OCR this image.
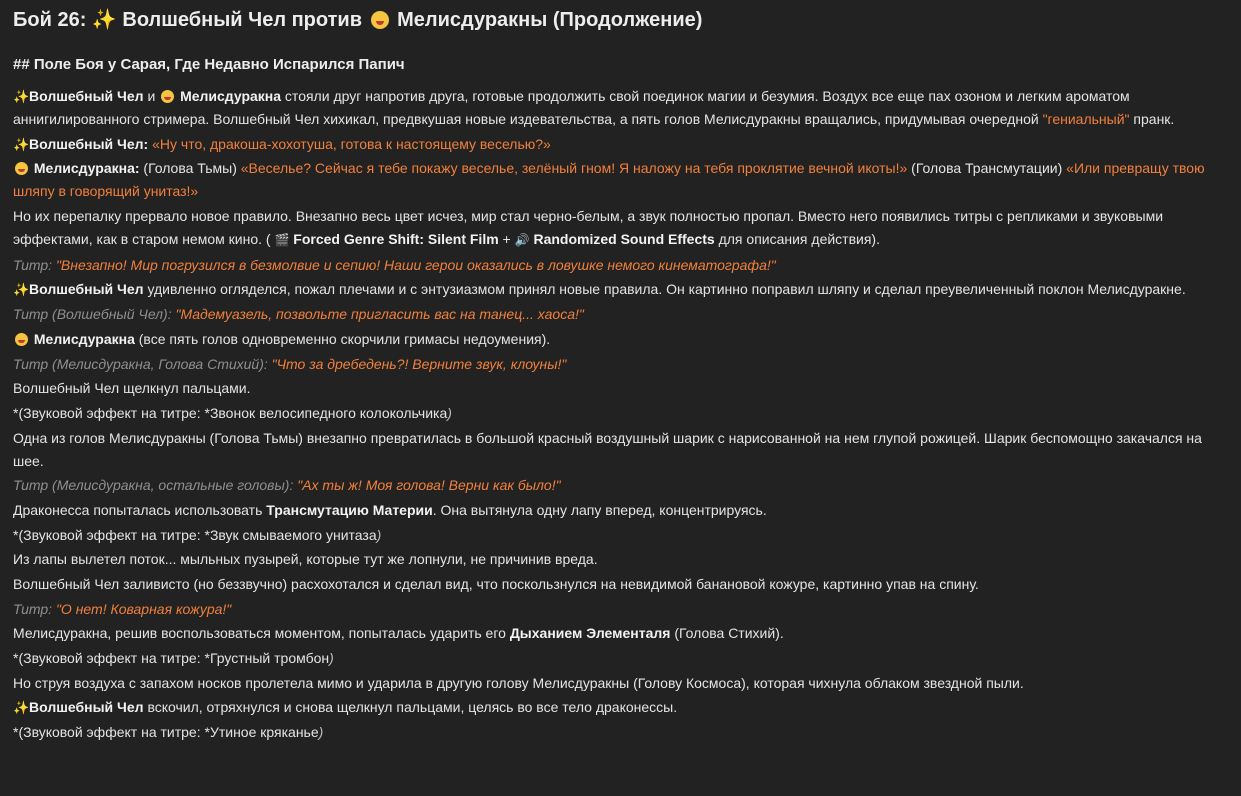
Бой 26: ✨ Волшебный Чел против Мелисдуракны (Продолжение)
## Поле Боя у Сарая, Где Недавно Испарился Папич

✨Волшебный Чел и  Мелисдуракна стояли друг напротив друга, готовые продолжить свой поединок магии и безумия. Воздух все еще пах озоном и легким ароматом аннигилированного стримера. Волшебный Чел хихикал, предвкушая новые издевательства, а пять голов Мелисдуракны вращались, придумывая очередной "гениальный" пранк.

✨Волшебный Чел: «Ну что, дракоша-хохотуша, готова к настоящему веселью?»

Мелисдуракна: (Голова Тьмы) «Веселье? Сейчас я тебе покажу веселье, зелёный гном! Я наложу на тебя проклятие вечной икоты!» (Голова Трансмутации) «Или превращу твою шляпу в говорящий унитаз!»

Но их перепалку прервало новое правило. Внезапно весь цвет исчез, мир стал черно-белым, а звук полностью пропал. Вместо него появились титры с репликами и звуковыми эффектами, как в старом немом кино. ( 🎬 Forced Genre Shift: Silent Film + 🔊 Randomized Sound Effects для описания действия).

Титр: "Внезапно! Мир погрузился в безмолвие и сепию! Наши герои оказались в ловушке немого кинематографа!"

✨Волшебный Чел удивленно огляделся, пожал плечами и с энтузиазмом принял новые правила. Он картинно поправил шляпу и сделал преувеличенный поклон Мелисдуракне.

Титр (Волшебный Чел): "Мадемуазель, позвольте пригласить вас на танец... хаоса!"

Мелисдуракна (все пять голов одновременно скорчили гримасы недоумения).

Титр (Мелисдуракна, Голова Стихий): "Что за дребедень?! Верните звук, клоуны!"

Волшебный Чел щелкнул пальцами.

*(Звуковой эффект на титре: *Звонок велосипедного колокольчика)

Одна из голов Мелисдуракны (Голова Тьмы) внезапно превратилась в большой красный воздушный шарик с нарисованной на нем глупой рожицей. Шарик беспомощно закачался на шее.

Титр (Мелисдуракна, остальные головы): "Ах ты ж! Моя голова! Верни как было!"

Драконесса попыталась использовать Трансмутацию Материи. Она вытянула одну лапу вперед, концентрируясь.

*(Звуковой эффект на титре: *Звук смываемого унитаза)

Из лапы вылетел поток... мыльных пузырей, которые тут же лопнули, не причинив вреда.

Волшебный Чел заливисто (но беззвучно) расхохотался и сделал вид, что поскользнулся на невидимой банановой кожуре, картинно упав на спину.

Титр: "О нет! Коварная кожура!"

Мелисдуракна, решив воспользоваться моментом, попыталась ударить его Дыханием Элементаля (Голова Стихий).

*(Звуковой эффект на титре: *Грустный тромбон)

Но струя воздуха с запахом носков пролетела мимо и ударила в другую голову Мелисдуракны (Голову Космоса), которая чихнула облаком звездной пыли.

✨Волшебный Чел вскочил, отряхнулся и снова щелкнул пальцами, целясь во все тело драконессы.

*(Звуковой эффект на титре: *Утиное кряканье)
